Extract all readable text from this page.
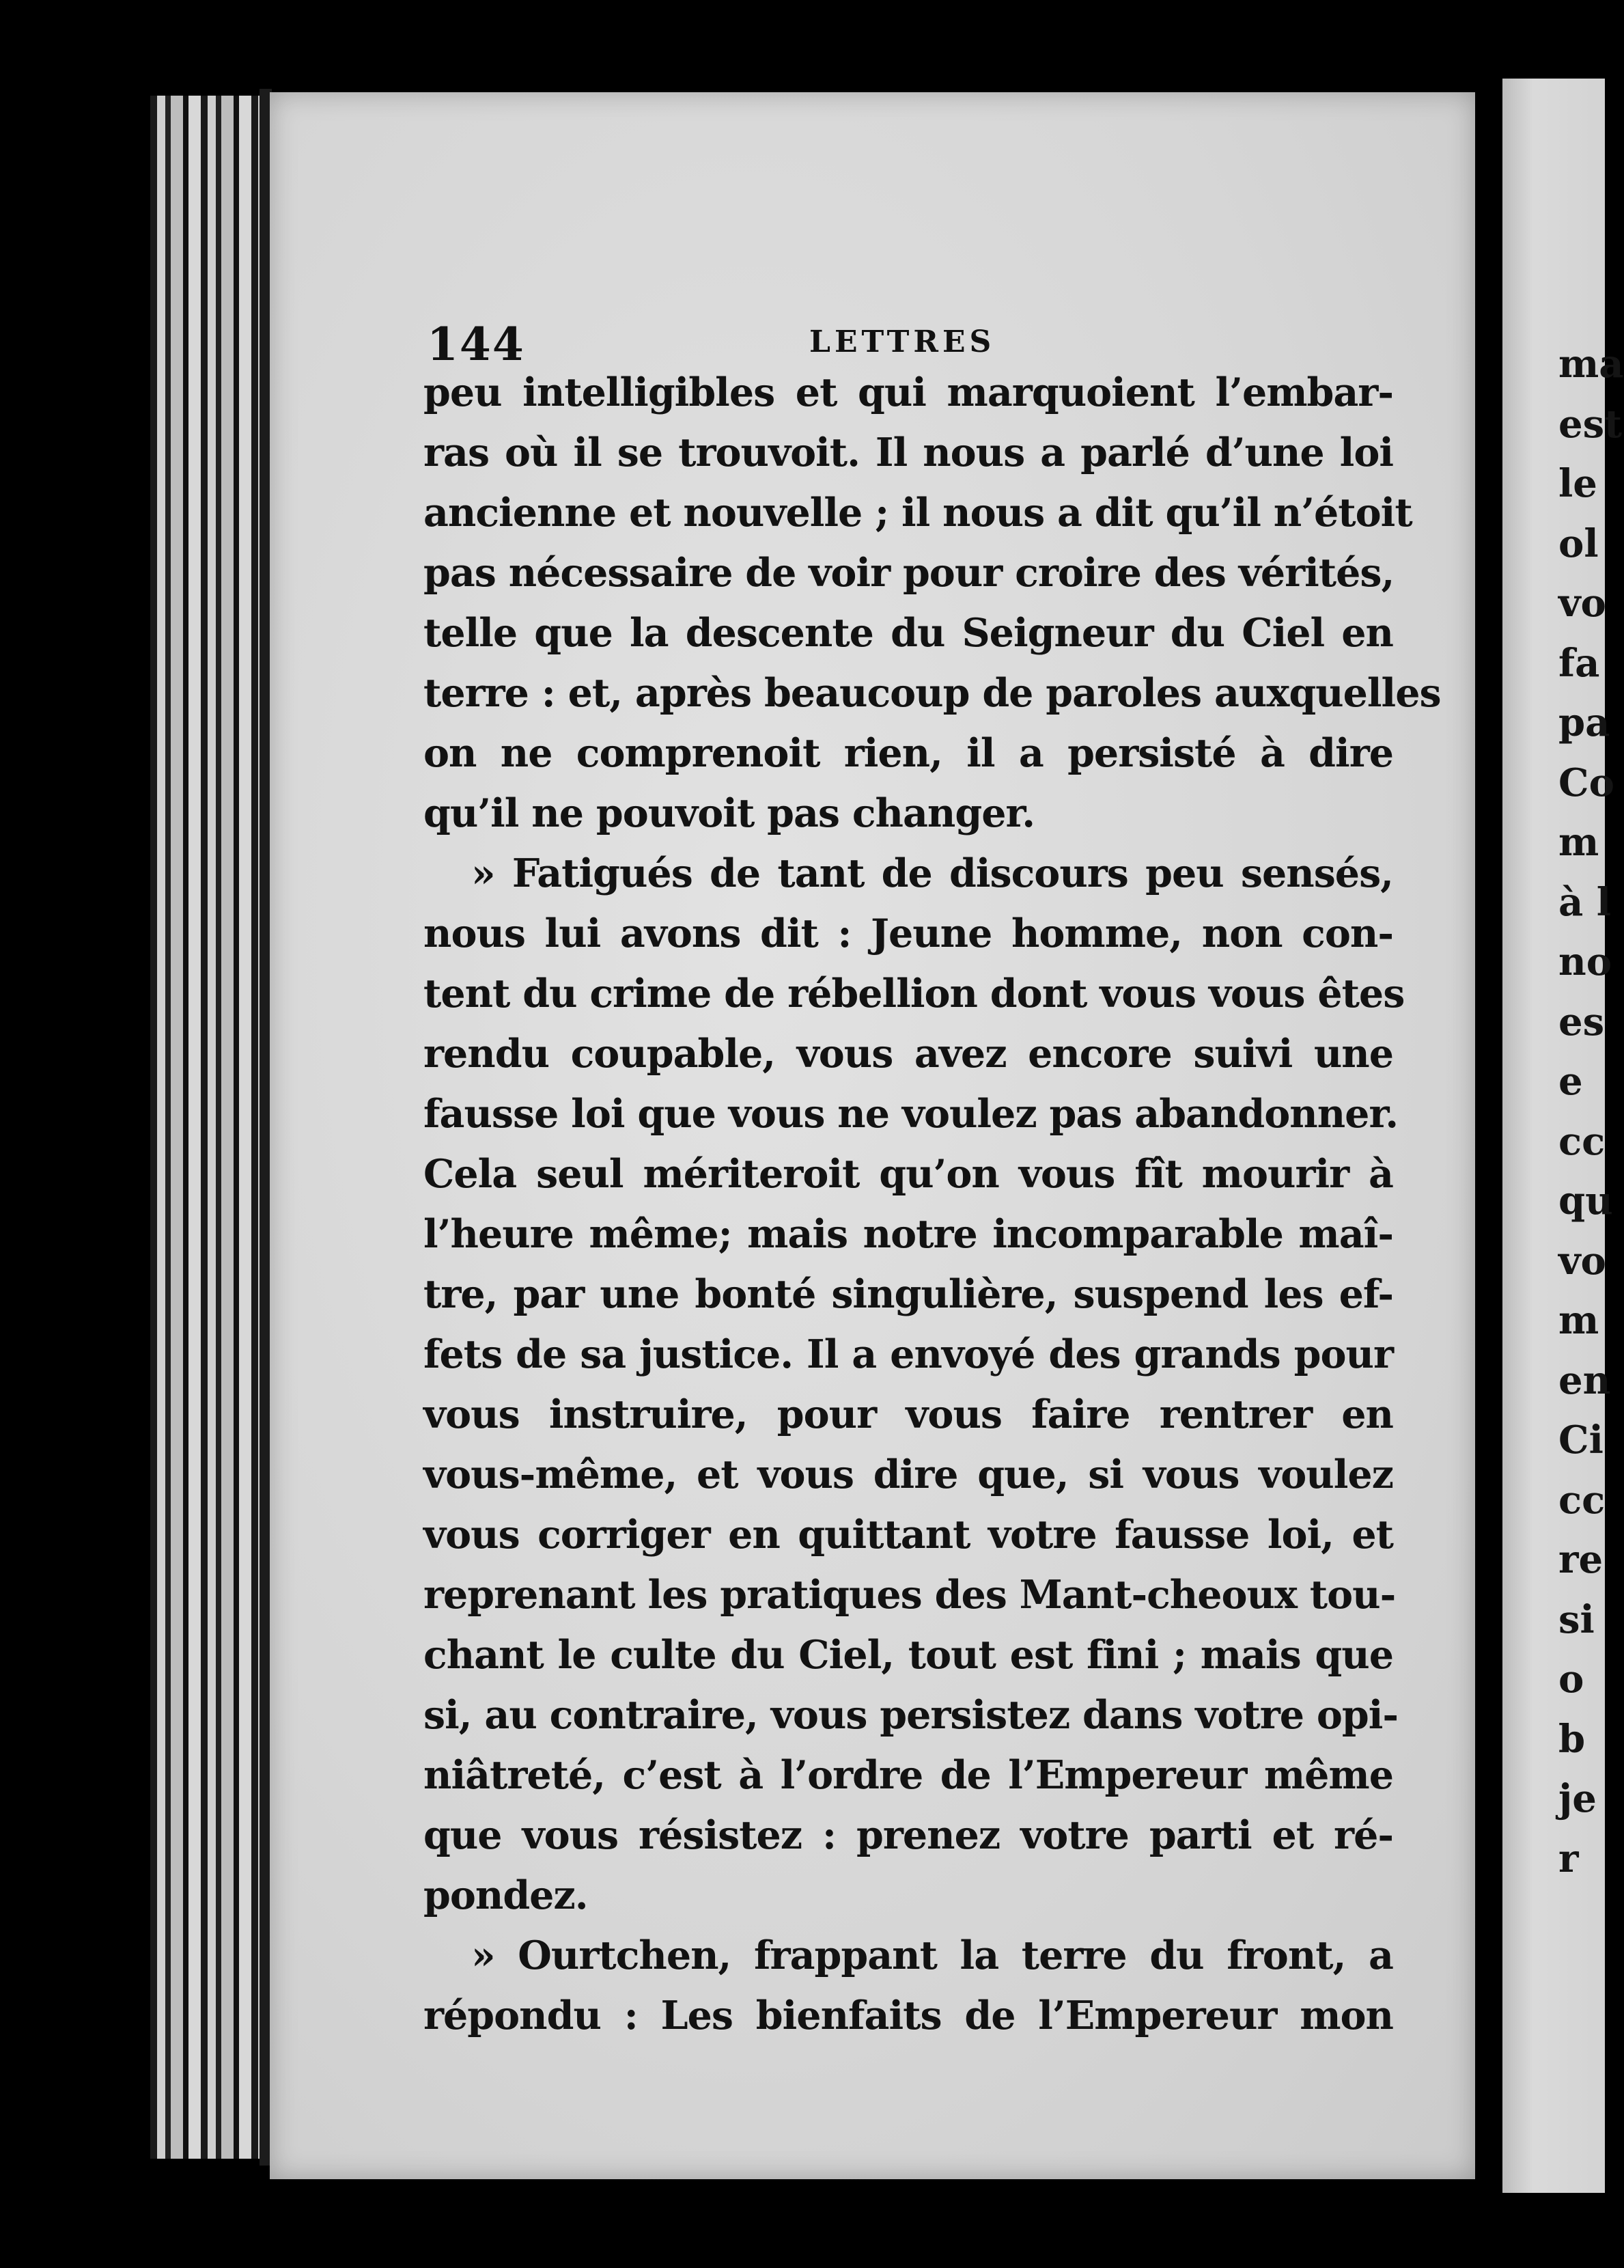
144	LETTRES
peu intelligibles et qui marquoient l’embar-
ras où il se trouvoit. Il nous a parlé d’une loi
ancienne et nouvelle ; il nous a dit qu’il n’étoit
pas nécessaire de voir pour croire des vérités,
telle que la descente du Seigneur du Ciel en
terre : et, après beaucoup de paroles auxquelles
on ne comprenoit rien, il a persisté à dire
qu’il ne pouvoit pas changer.
» Fatigués de tant de discours peu sensés,
nous lui avons dit : Jeune homme, non con-
tent du crime de rébellion dont vous vous êtes
rendu coupable, vous avez encore suivi une
fausse loi que vous ne voulez pas abandonner.
Cela seul mériteroit qu’on vous fît mourir à
l’heure même; mais notre incomparable maî-
tre, par une bonté singulière, suspend les ef-
fets de sa justice. Il a envoyé des grands pour
vous instruire, pour vous faire rentrer en
vous-même, et vous dire que, si vous voulez
vous corriger en quittant votre fausse loi, et
reprenant les pratiques des Mant-cheoux tou-
chant le culte du Ciel, tout est fini ; mais que
si, au contraire, vous persistez dans votre opi-
niâtreté, c’est à l’ordre de l’Empereur même
que vous résistez : prenez votre parti et ré-
pondez.
» Ourtchen, frappant la terre du front, a
répondu : Les bienfaits de l’Empereur mon
ma
est
le
ol
vo
fa
pa
Co
m
à l
no
es
e
cc
qu
vo
m
en
Ci
cc
re
si
o
b
je
r
